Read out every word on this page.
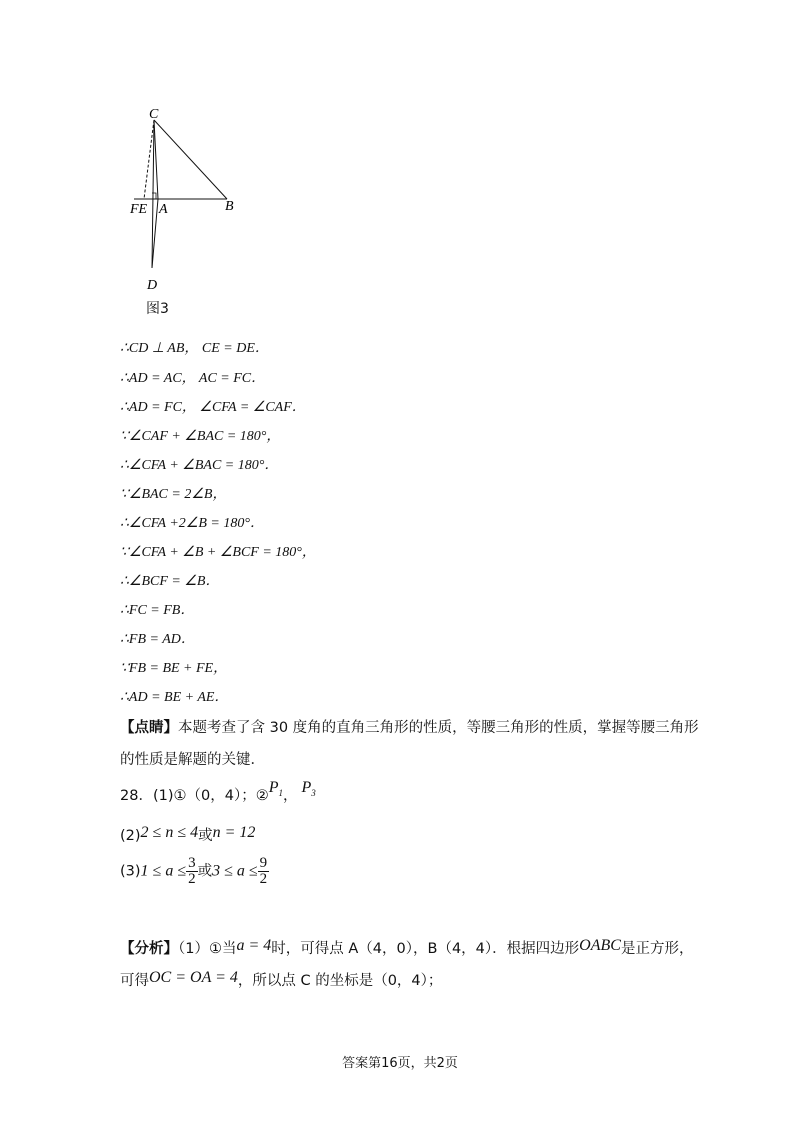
C
B
FE A
D
图3
∴CD ⊥ AB， CE = DE．
∴AD = AC， AC = FC．
∴AD = FC， ∠CFA = ∠CAF．
∵∠CAF + ∠BAC = 180°，
∴∠CFA + ∠BAC = 180°．
∵∠BAC = 2∠B，
∴∠CFA +2∠B = 180°．
∵∠CFA + ∠B + ∠BCF = 180°，
∴∠BCF = ∠B．
∴FC = FB．
∴FB = AD．
∵FB = BE + FE，
∴AD = BE + AE．
【点睛】本题考查了含 30 度角的直角三角形的性质，等腰三角形的性质，掌握等腰三角形
的性质是解题的关键．
28．(1)①（0，4）；$②P_1$， $P_3$
(2)2 ≤ n ≤ 4或n = 12
$(3)1 \le a \le \frac{3}{2}$ 或$3 \le a \le \frac{9}{2}$
【分析】（1）①当a = 4时，可得点 A（4，0），B（4，4）．根据四边形OABC是正方形，
可得OC = OA = 4，所以点 C 的坐标是（0，4）；
答案第16页，共2页
